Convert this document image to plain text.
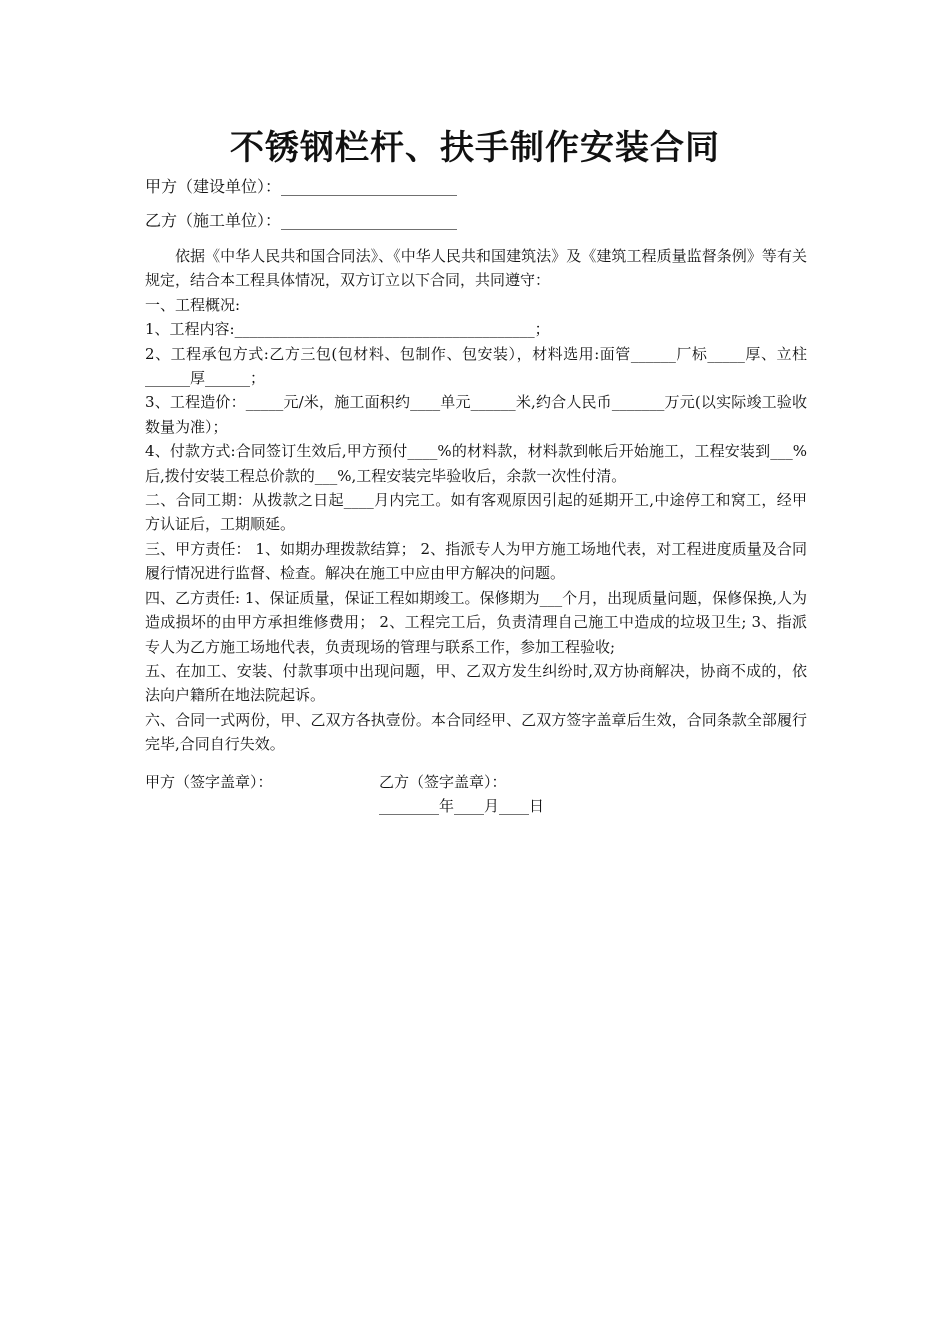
不锈钢栏杆、扶手制作安装合同
甲方（建设单位）：______________________
乙方（施工单位）：______________________

依据《中华人民共和国合同法》、《中华人民共和国建筑法》及《建筑工程质量监督条例》等有关规定，结合本工程具体情况，双方订立以下合同，共同遵守：

一、工程概况:

1、工程内容:________________________________________；

2、工程承包方式:乙方三包(包材料、包制作、包安装），材料选用:面管______厂标_____厚、立柱______厚______；

3、工程造价：_____元/米，施工面积约____单元______米,约合人民币_______万元(以实际竣工验收数量为准）；

4、付款方式:合同签订生效后,甲方预付____%的材料款，材料款到帐后开始施工，工程安装到___%后,拨付安装工程总价款的___%,工程安装完毕验收后，余款一次性付清。

二、合同工期：从拨款之日起____月内完工。如有客观原因引起的延期开工,中途停工和窝工，经甲方认证后，工期顺延。

三、甲方责任： 1、如期办理拨款结算； 2、指派专人为甲方施工场地代表，对工程进度质量及合同履行情况进行监督、检查。解决在施工中应由甲方解决的问题。

四、乙方责任: 1、保证质量，保证工程如期竣工。保修期为___个月，出现质量问题，保修保换,人为造成损坏的由甲方承担维修费用； 2、工程完工后，负责清理自己施工中造成的垃圾卫生; 3、指派专人为乙方施工场地代表，负责现场的管理与联系工作，参加工程验收;

五、在加工、安装、付款事项中出现问题，甲、乙双方发生纠纷时,双方协商解决，协商不成的，依法向户籍所在地法院起诉。

六、合同一式两份，甲、乙双方各执壹份。本合同经甲、乙双方签字盖章后生效，合同条款全部履行完毕,合同自行失效。

甲方（签字盖章）：	乙方（签字盖章）：
________年____月____日
